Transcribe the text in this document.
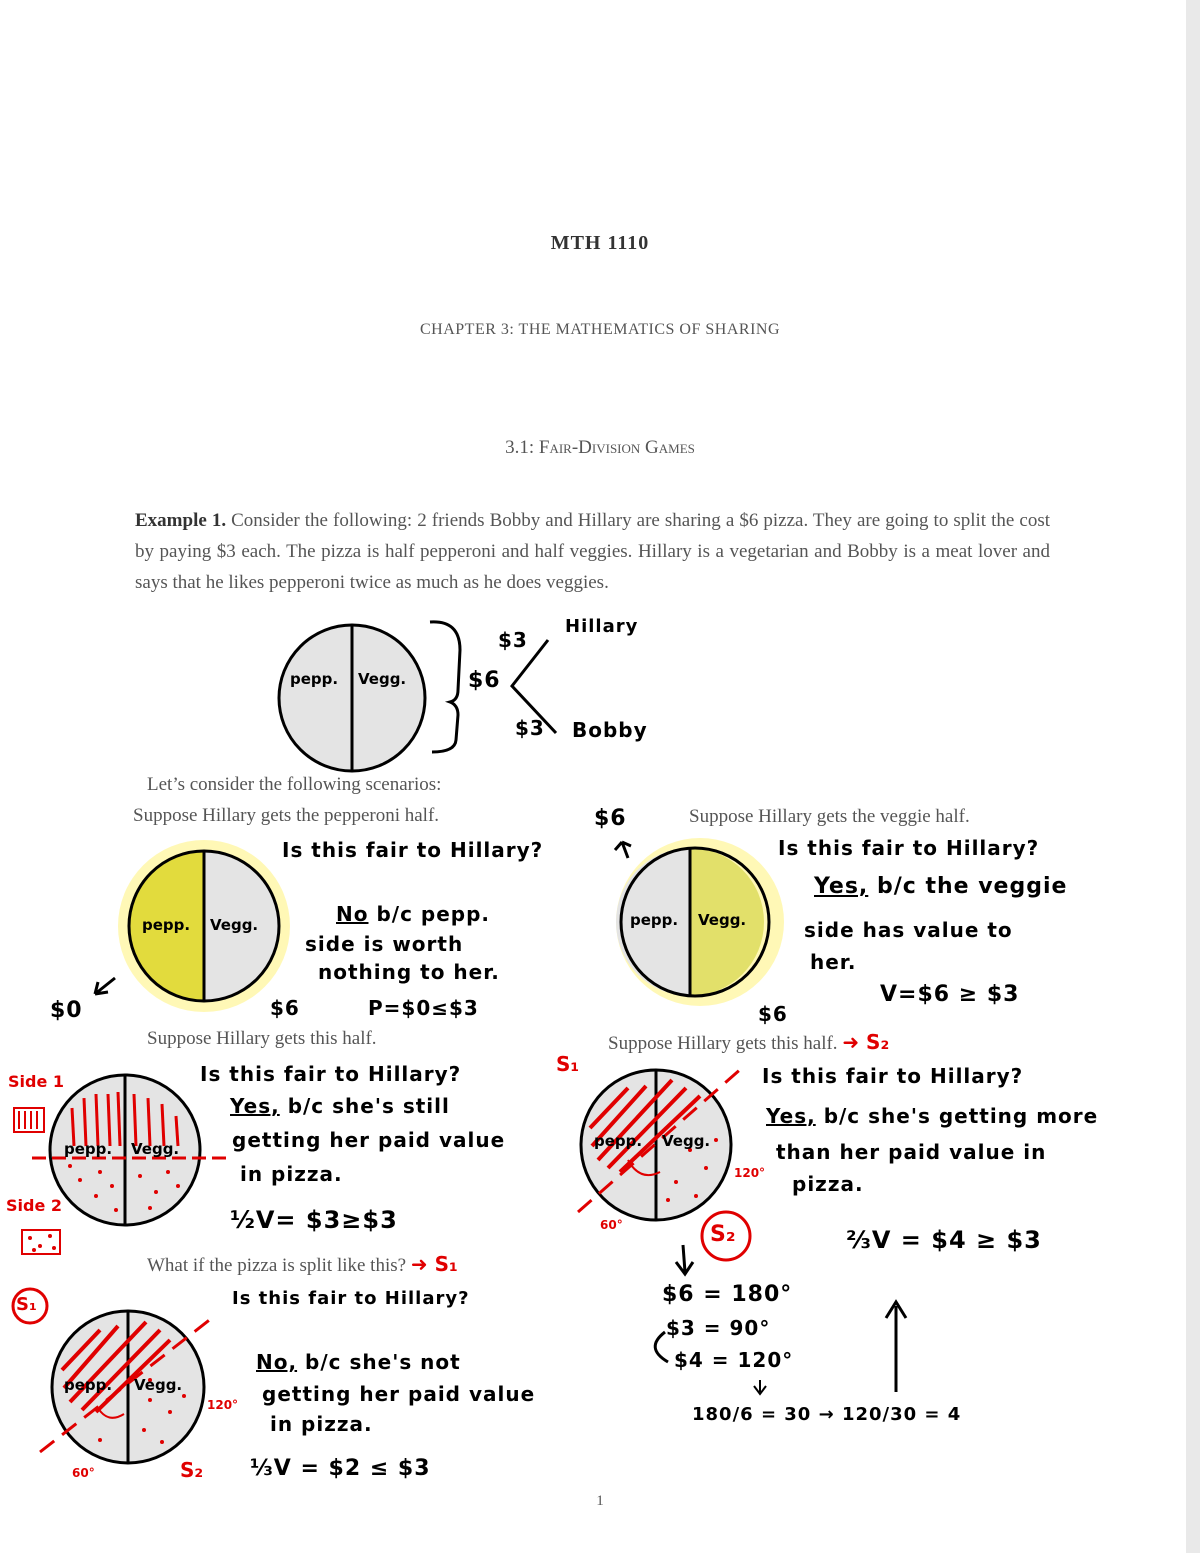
MTH 1110
CHAPTER 3: THE MATHEMATICS OF SHARING
3.1: Fair-Division Games
Example 1. Consider the following: 2 friends Bobby and Hillary are sharing a $6 pizza. They are going to split the cost by paying $3 each. The pizza is half pepperoni and half veggies. Hillary is a vegetarian and Bobby is a meat lover and says that he likes pepperoni twice as much as he does veggies.
pepp. Vegg.
pepp. Vegg.	pepp. Vegg.
pepp. Vegg.	pepp. Vegg.
pepp. Vegg.
$6
$3
Hillary
$3 Bobby
Let’s consider the following scenarios:
Suppose Hillary gets the pepperoni half.
Is this fair to Hillary?
No b/c pepp.
side is worth
nothing to her.
$0	$6	P=$0≤$3
$6	Suppose Hillary gets the veggie half.
Is this fair to Hillary?
Yes, b/c the veggie
side has value to
her.
V=$6 ≥ $3
$6
Suppose Hillary gets this half.
Side 1
Side 2
Is this fair to Hillary?
Yes, b/c she's still
getting her paid value
in pizza.
½V= $3≥$3
S₁
Suppose Hillary gets this half. ➜ S₂
Is this fair to Hillary?
Yes, b/c she's getting more
than her paid value in
pizza.
120°
60°	S₂	⅔V = $4 ≥ $3
$6 = 180°
$3 = 90°
$4 = 120°
180/6 = 30 → 120/30 = 4
What if the pizza is split like this? ➜ S₁
S₁	Is this fair to Hillary?
No, b/c she's not
getting her paid value
in pizza.
120°
60°	S₂ ⅓V = $2 ≤ $3
1
